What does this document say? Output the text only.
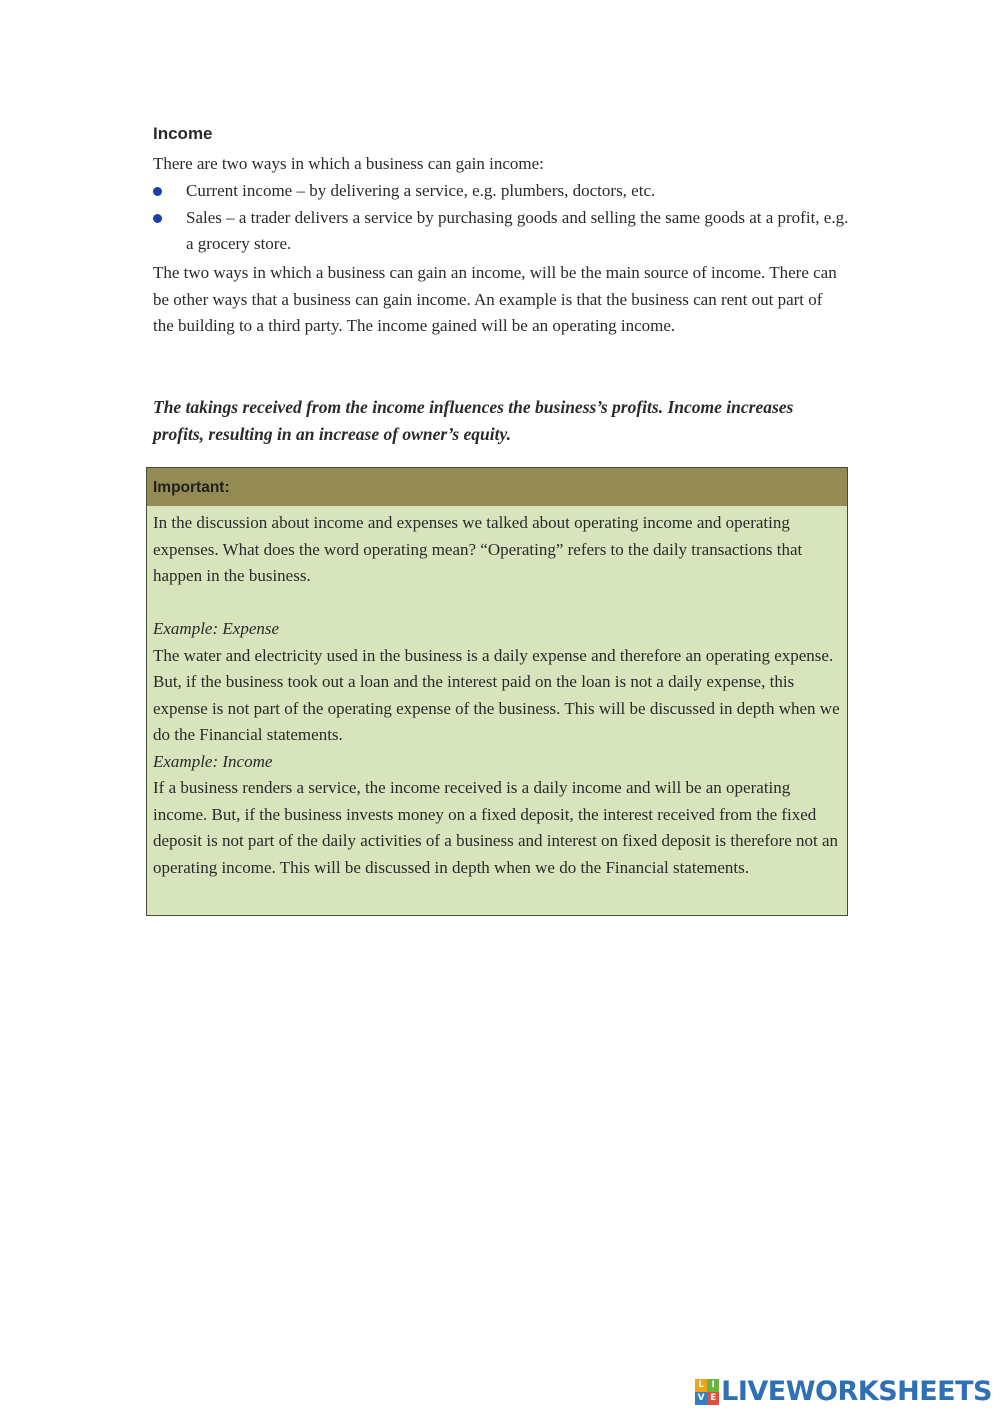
Income
There are two ways in which a business can gain income:
Current income – by delivering a service, e.g. plumbers, doctors, etc.
Sales – a trader delivers a service by purchasing goods and selling the same goods at a profit, e.g. a grocery store.

The two ways in which a business can gain an income, will be the main source of income. There can be other ways that a business can gain income. An example is that the business can rent out part of the building to a third party. The income gained will be an operating income.

The takings received from the income influences the business’s profits. Income increases profits, resulting in an increase of owner’s equity.

Important:

In the discussion about income and expenses we talked about operating income and operating expenses. What does the word operating mean? “Operating” refers to the daily transactions that happen in the business.

Example: Expense

The water and electricity used in the business is a daily expense and therefore an operating expense. But, if the business took out a loan and the interest paid on the loan is not a daily expense, this expense is not part of the operating expense of the business. This will be discussed in depth when we do the Financial statements.

Example: Income

If a business renders a service, the income received is a daily income and will be an operating income. But, if the business invests money on a fixed deposit, the interest received from the fixed deposit is not part of the daily activities of a business and interest on fixed deposit is therefore not an operating income. This will be discussed in depth when we do the Financial statements.

L I
V E LIVEWORKSHEETS
